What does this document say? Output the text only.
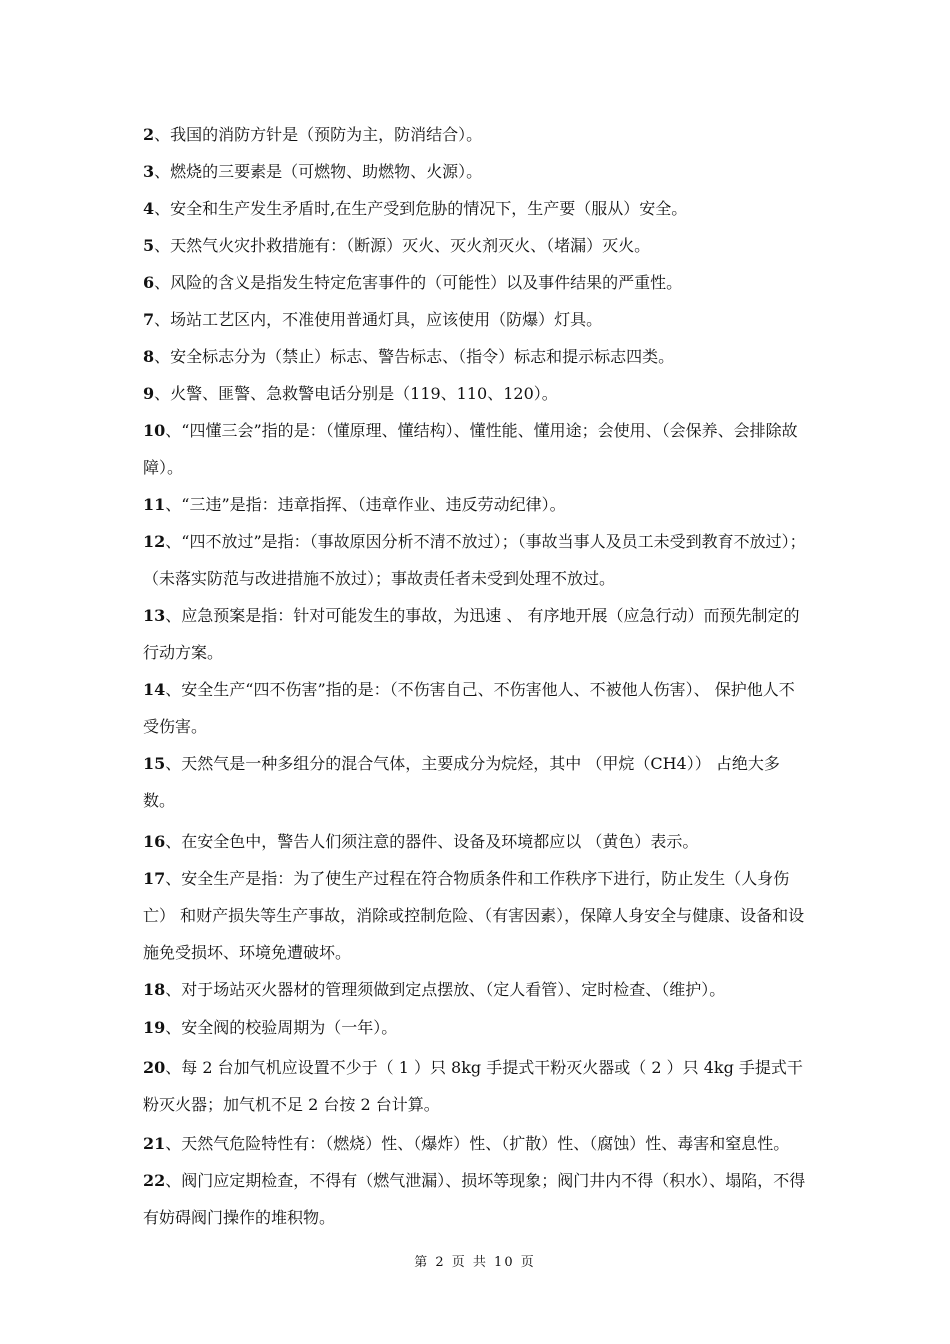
2、我国的消防方针是（预防为主，防消结合）。
3、燃烧的三要素是（可燃物、助燃物、火源）。
4、安全和生产发生矛盾时,在生产受到危胁的情况下，生产要（服从）安全。
5、天然气火灾扑救措施有：（断源）灭火、灭火剂灭火、（堵漏）灭火。
6、风险的含义是指发生特定危害事件的（可能性）以及事件结果的严重性。
7、场站工艺区内，不准使用普通灯具，应该使用（防爆）灯具。
8、安全标志分为（禁止）标志、警告标志、（指令）标志和提示标志四类。
9、火警、匪警、急救警电话分别是（119、110、120）。
10、“四懂三会”指的是：（懂原理、懂结构）、懂性能、懂用途；会使用、（会保养、会排除故障）。
11、“三违”是指：违章指挥、（违章作业、违反劳动纪律）。
12、“四不放过”是指：（事故原因分析不清不放过）；（事故当事人及员工未受到教育不放过）；（未落实防范与改进措施不放过）；事故责任者未受到处理不放过。
13、应急预案是指：针对可能发生的事故，为迅速 、 有序地开展（应急行动）而预先制定的行动方案。
14、安全生产“四不伤害”指的是：（不伤害自己、不伤害他人、不被他人伤害）、 保护他人不受伤害。
15、天然气是一种多组分的混合气体，主要成分为烷烃，其中 （甲烷（CH4）） 占绝大多数。
16、在安全色中，警告人们须注意的器件、设备及环境都应以 （黄色）表示。
17、安全生产是指：为了使生产过程在符合物质条件和工作秩序下进行，防止发生（人身伤亡） 和财产损失等生产事故，消除或控制危险、（有害因素），保障人身安全与健康、设备和设施免受损坏、环境免遭破坏。
18、对于场站灭火器材的管理须做到定点摆放、（定人看管）、定时检查、（维护）。
19、安全阀的校验周期为（一年）。
20、每 2 台加气机应设置不少于（ 1 ）只 8kg 手提式干粉灭火器或（ 2 ）只 4kg 手提式干粉灭火器；加气机不足 2 台按 2 台计算。
21、天然气危险特性有：（燃烧）性、（爆炸）性、（扩散）性、（腐蚀）性、毒害和窒息性。
22、阀门应定期检查，不得有（燃气泄漏）、损坏等现象；阀门井内不得（积水）、塌陷，不得有妨碍阀门操作的堆积物。
第 2 页 共 10 页
